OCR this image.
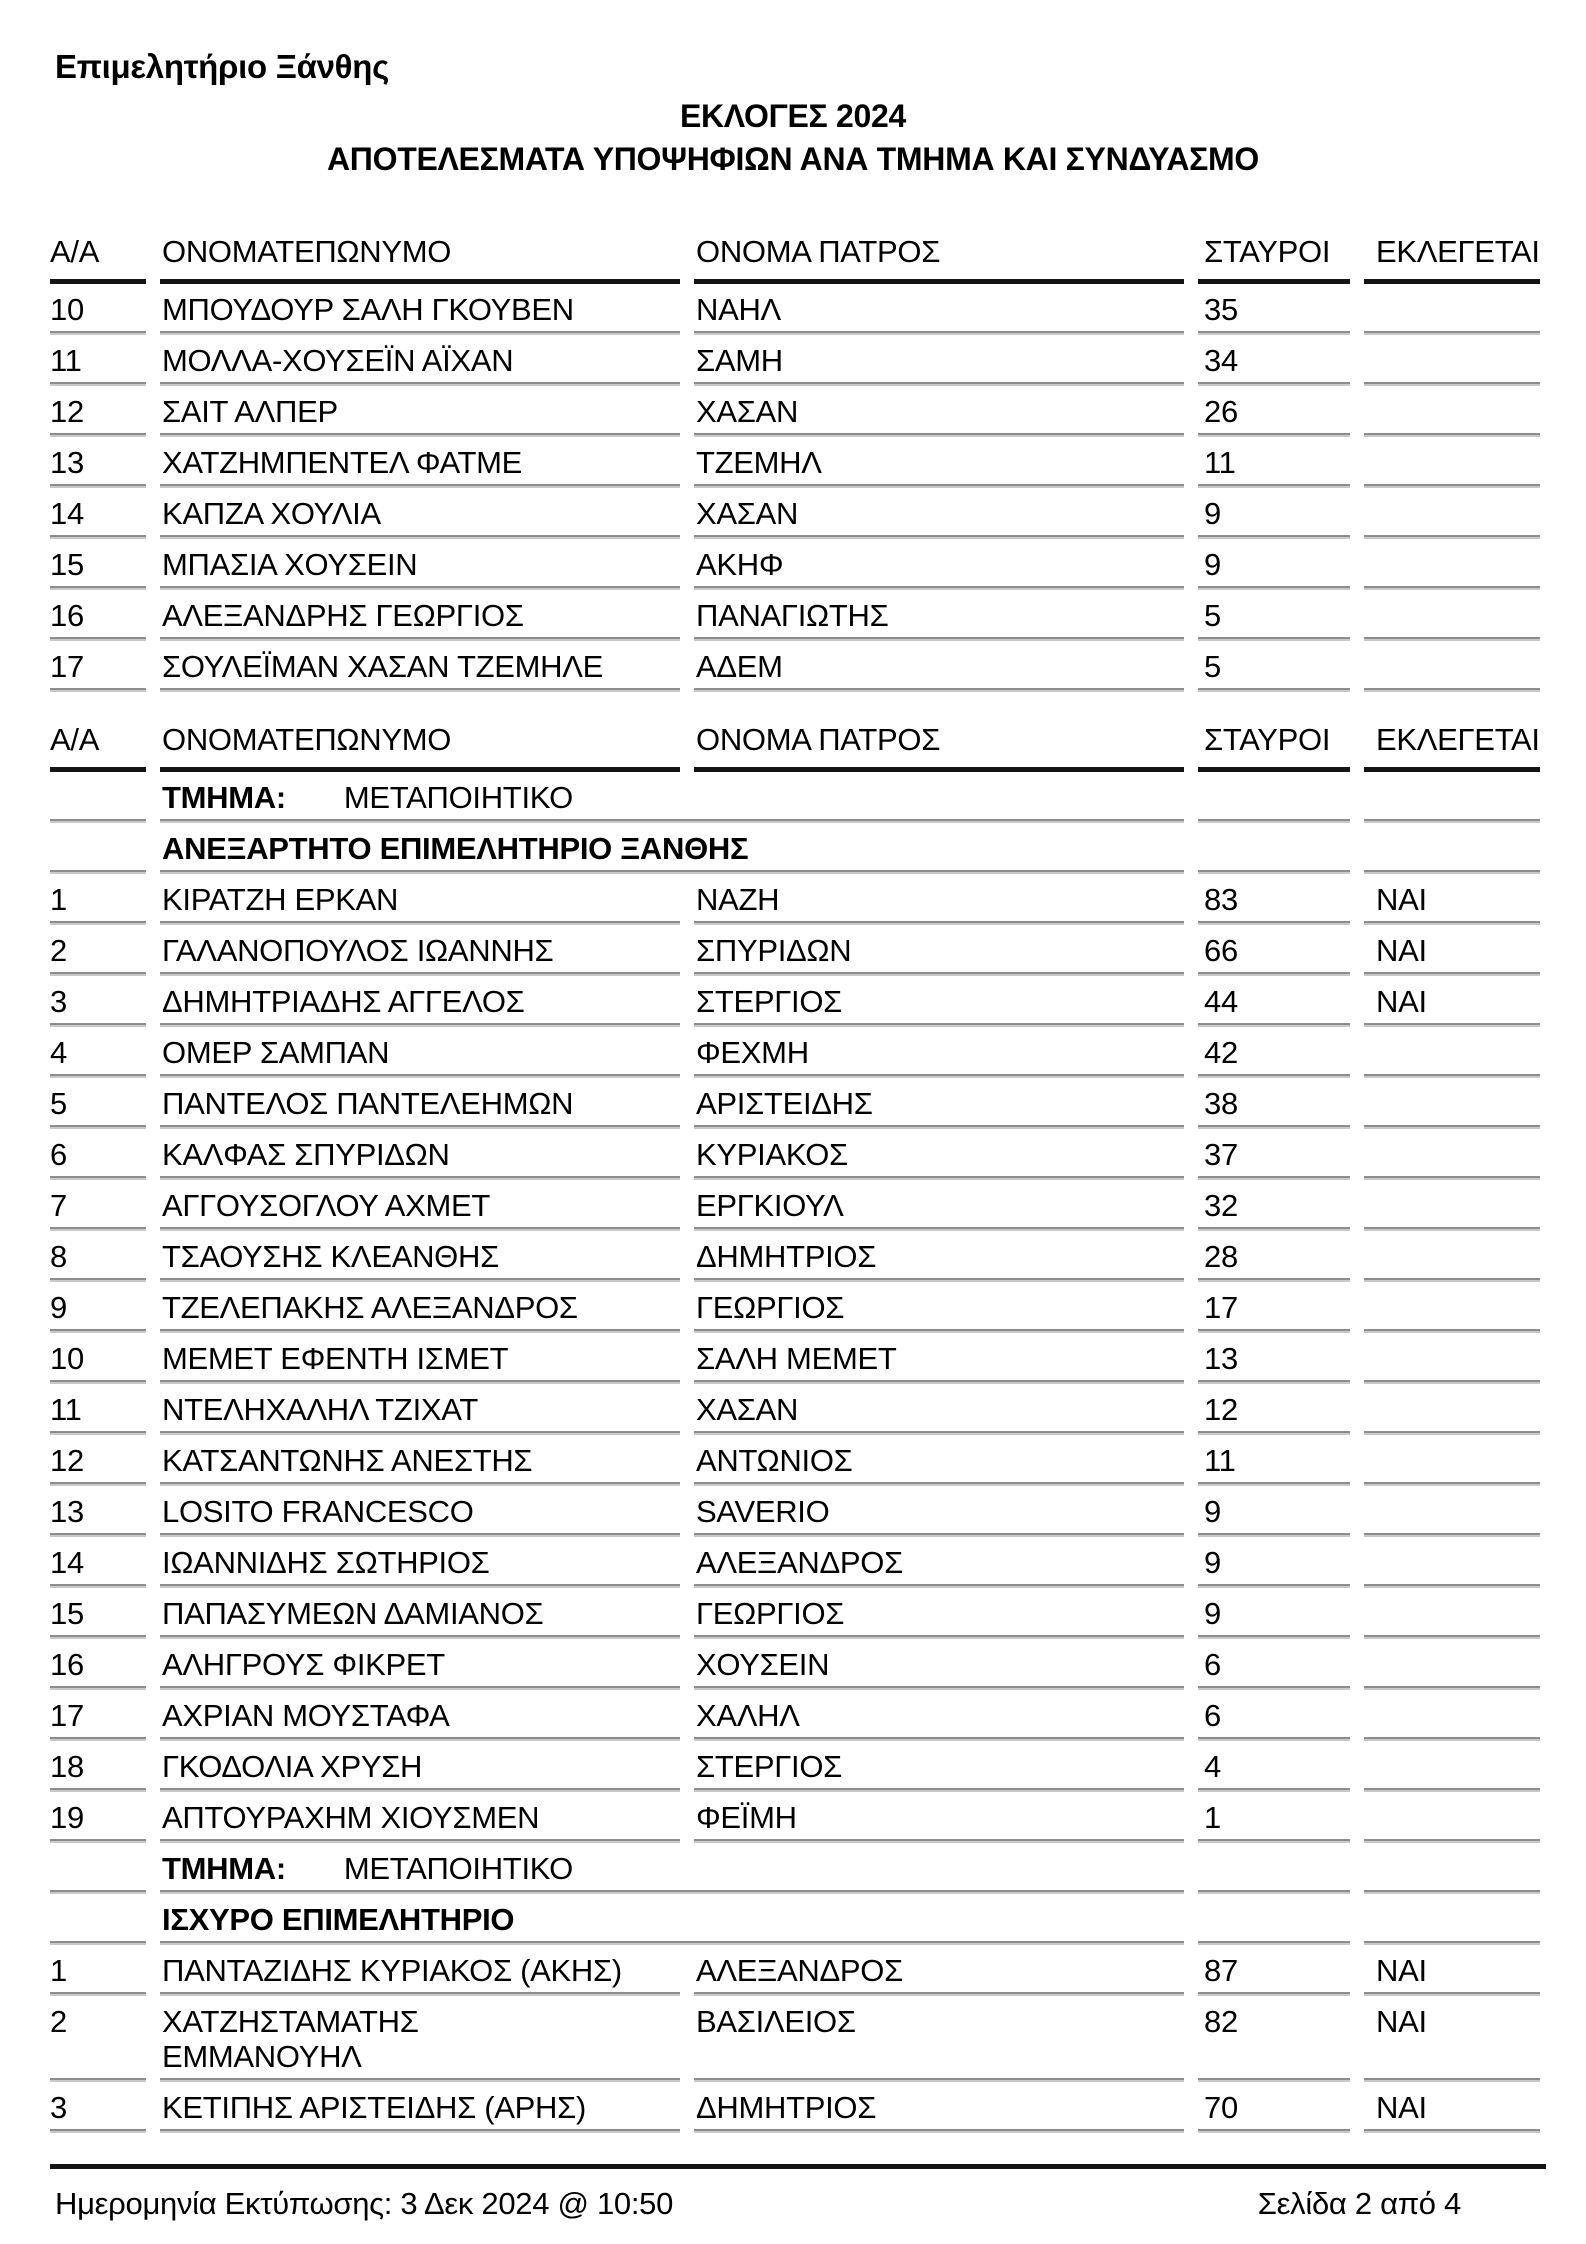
Επιμελητήριο Ξάνθης
ΕΚΛΟΓΕΣ 2024
ΑΠΟΤΕΛΕΣΜΑΤΑ ΥΠΟΨΗΦΙΩΝ ΑΝΑ ΤΜΗΜΑ ΚΑΙ ΣΥΝΔΥΑΣΜΟ
Α/Α	ΟΝΟΜΑΤΕΠΩΝΥΜΟ	ΟΝΟΜΑ ΠΑΤΡΟΣ	ΣΤΑΥΡΟΙ	ΕΚΛΕΓΕΤΑΙ
10	ΜΠΟΥΔΟΥΡ ΣΑΛΗ ΓΚΟΥΒΕΝ	ΝΑΗΛ	35	
11	ΜΟΛΛΑ-ΧΟΥΣΕΪΝ ΑΪΧΑΝ	ΣΑΜΗ	34	
12	ΣΑΙΤ ΑΛΠΕΡ	ΧΑΣΑΝ	26	
13	ΧΑΤΖΗΜΠΕΝΤΕΛ ΦΑΤΜΕ	ΤΖΕΜΗΛ	11	
14	ΚΑΠΖΑ ΧΟΥΛΙΑ	ΧΑΣΑΝ	9	
15	ΜΠΑΣΙΑ ΧΟΥΣΕΙΝ	ΑΚΗΦ	9	
16	ΑΛΕΞΑΝΔΡΗΣ ΓΕΩΡΓΙΟΣ	ΠΑΝΑΓΙΩΤΗΣ	5	
17	ΣΟΥΛΕΪΜΑΝ ΧΑΣΑΝ ΤΖΕΜΗΛΕ	ΑΔΕΜ	5	
Α/Α	ΟΝΟΜΑΤΕΠΩΝΥΜΟ	ΟΝΟΜΑ ΠΑΤΡΟΣ	ΣΤΑΥΡΟΙ	ΕΚΛΕΓΕΤΑΙ
	ΤΜΗΜΑ: ΜΕΤΑΠΟΙΗΤΙΚΟ			
	ΑΝΕΞΑΡΤΗΤΟ ΕΠΙΜΕΛΗΤΗΡΙΟ ΞΑΝΘΗΣ			
1	ΚΙΡΑΤΖΗ ΕΡΚΑΝ	ΝΑΖΗ	83	ΝΑΙ
2	ΓΑΛΑΝΟΠΟΥΛΟΣ ΙΩΑΝΝΗΣ	ΣΠΥΡΙΔΩΝ	66	ΝΑΙ
3	ΔΗΜΗΤΡΙΑΔΗΣ ΑΓΓΕΛΟΣ	ΣΤΕΡΓΙΟΣ	44	ΝΑΙ
4	ΟΜΕΡ ΣΑΜΠΑΝ	ΦΕΧΜΗ	42	
5	ΠΑΝΤΕΛΟΣ ΠΑΝΤΕΛΕΗΜΩΝ	ΑΡΙΣΤΕΙΔΗΣ	38	
6	ΚΑΛΦΑΣ ΣΠΥΡΙΔΩΝ	ΚΥΡΙΑΚΟΣ	37	
7	ΑΓΓΟΥΣΟΓΛΟΥ ΑΧΜΕΤ	ΕΡΓΚΙΟΥΛ	32	
8	ΤΣΑΟΥΣΗΣ ΚΛΕΑΝΘΗΣ	ΔΗΜΗΤΡΙΟΣ	28	
9	ΤΖΕΛΕΠΑΚΗΣ ΑΛΕΞΑΝΔΡΟΣ	ΓΕΩΡΓΙΟΣ	17	
10	ΜΕΜΕΤ ΕΦΕΝΤΗ ΙΣΜΕΤ	ΣΑΛΗ ΜΕΜΕΤ	13	
11	ΝΤΕΛΗΧΑΛΗΛ ΤΖΙΧΑΤ	ΧΑΣΑΝ	12	
12	ΚΑΤΣΑΝΤΩΝΗΣ ΑΝΕΣΤΗΣ	ΑΝΤΩΝΙΟΣ	11	
13	LOSITO FRANCESCO	SAVERIO	9	
14	ΙΩΑΝΝΙΔΗΣ ΣΩΤΗΡΙΟΣ	ΑΛΕΞΑΝΔΡΟΣ	9	
15	ΠΑΠΑΣΥΜΕΩΝ ΔΑΜΙΑΝΟΣ	ΓΕΩΡΓΙΟΣ	9	
16	ΑΛΗΓΡΟΥΣ ΦΙΚΡΕΤ	ΧΟΥΣΕΙΝ	6	
17	ΑΧΡΙΑΝ ΜΟΥΣΤΑΦΑ	ΧΑΛΗΛ	6	
18	ΓΚΟΔΟΛΙΑ ΧΡΥΣΗ	ΣΤΕΡΓΙΟΣ	4	
19	ΑΠΤΟΥΡΑΧΗΜ ΧΙΟΥΣΜΕΝ	ΦΕΪΜΗ	1	
	ΤΜΗΜΑ: ΜΕΤΑΠΟΙΗΤΙΚΟ			
	ΙΣΧΥΡΟ ΕΠΙΜΕΛΗΤΗΡΙΟ			
1	ΠΑΝΤΑΖΙΔΗΣ ΚΥΡΙΑΚΟΣ (ΑΚΗΣ)	ΑΛΕΞΑΝΔΡΟΣ	87	ΝΑΙ
2	ΧΑΤΖΗΣΤΑΜΑΤΗΣ
ΕΜΜΑΝΟΥΗΛ	ΒΑΣΙΛΕΙΟΣ	82	ΝΑΙ
3	ΚΕΤΙΠΗΣ ΑΡΙΣΤΕΙΔΗΣ (ΑΡΗΣ)	ΔΗΜΗΤΡΙΟΣ	70	ΝΑΙ
Ημερομηνία Εκτύπωσης: 3 Δεκ 2024 @ 10:50	Σελίδα 2 από 4
